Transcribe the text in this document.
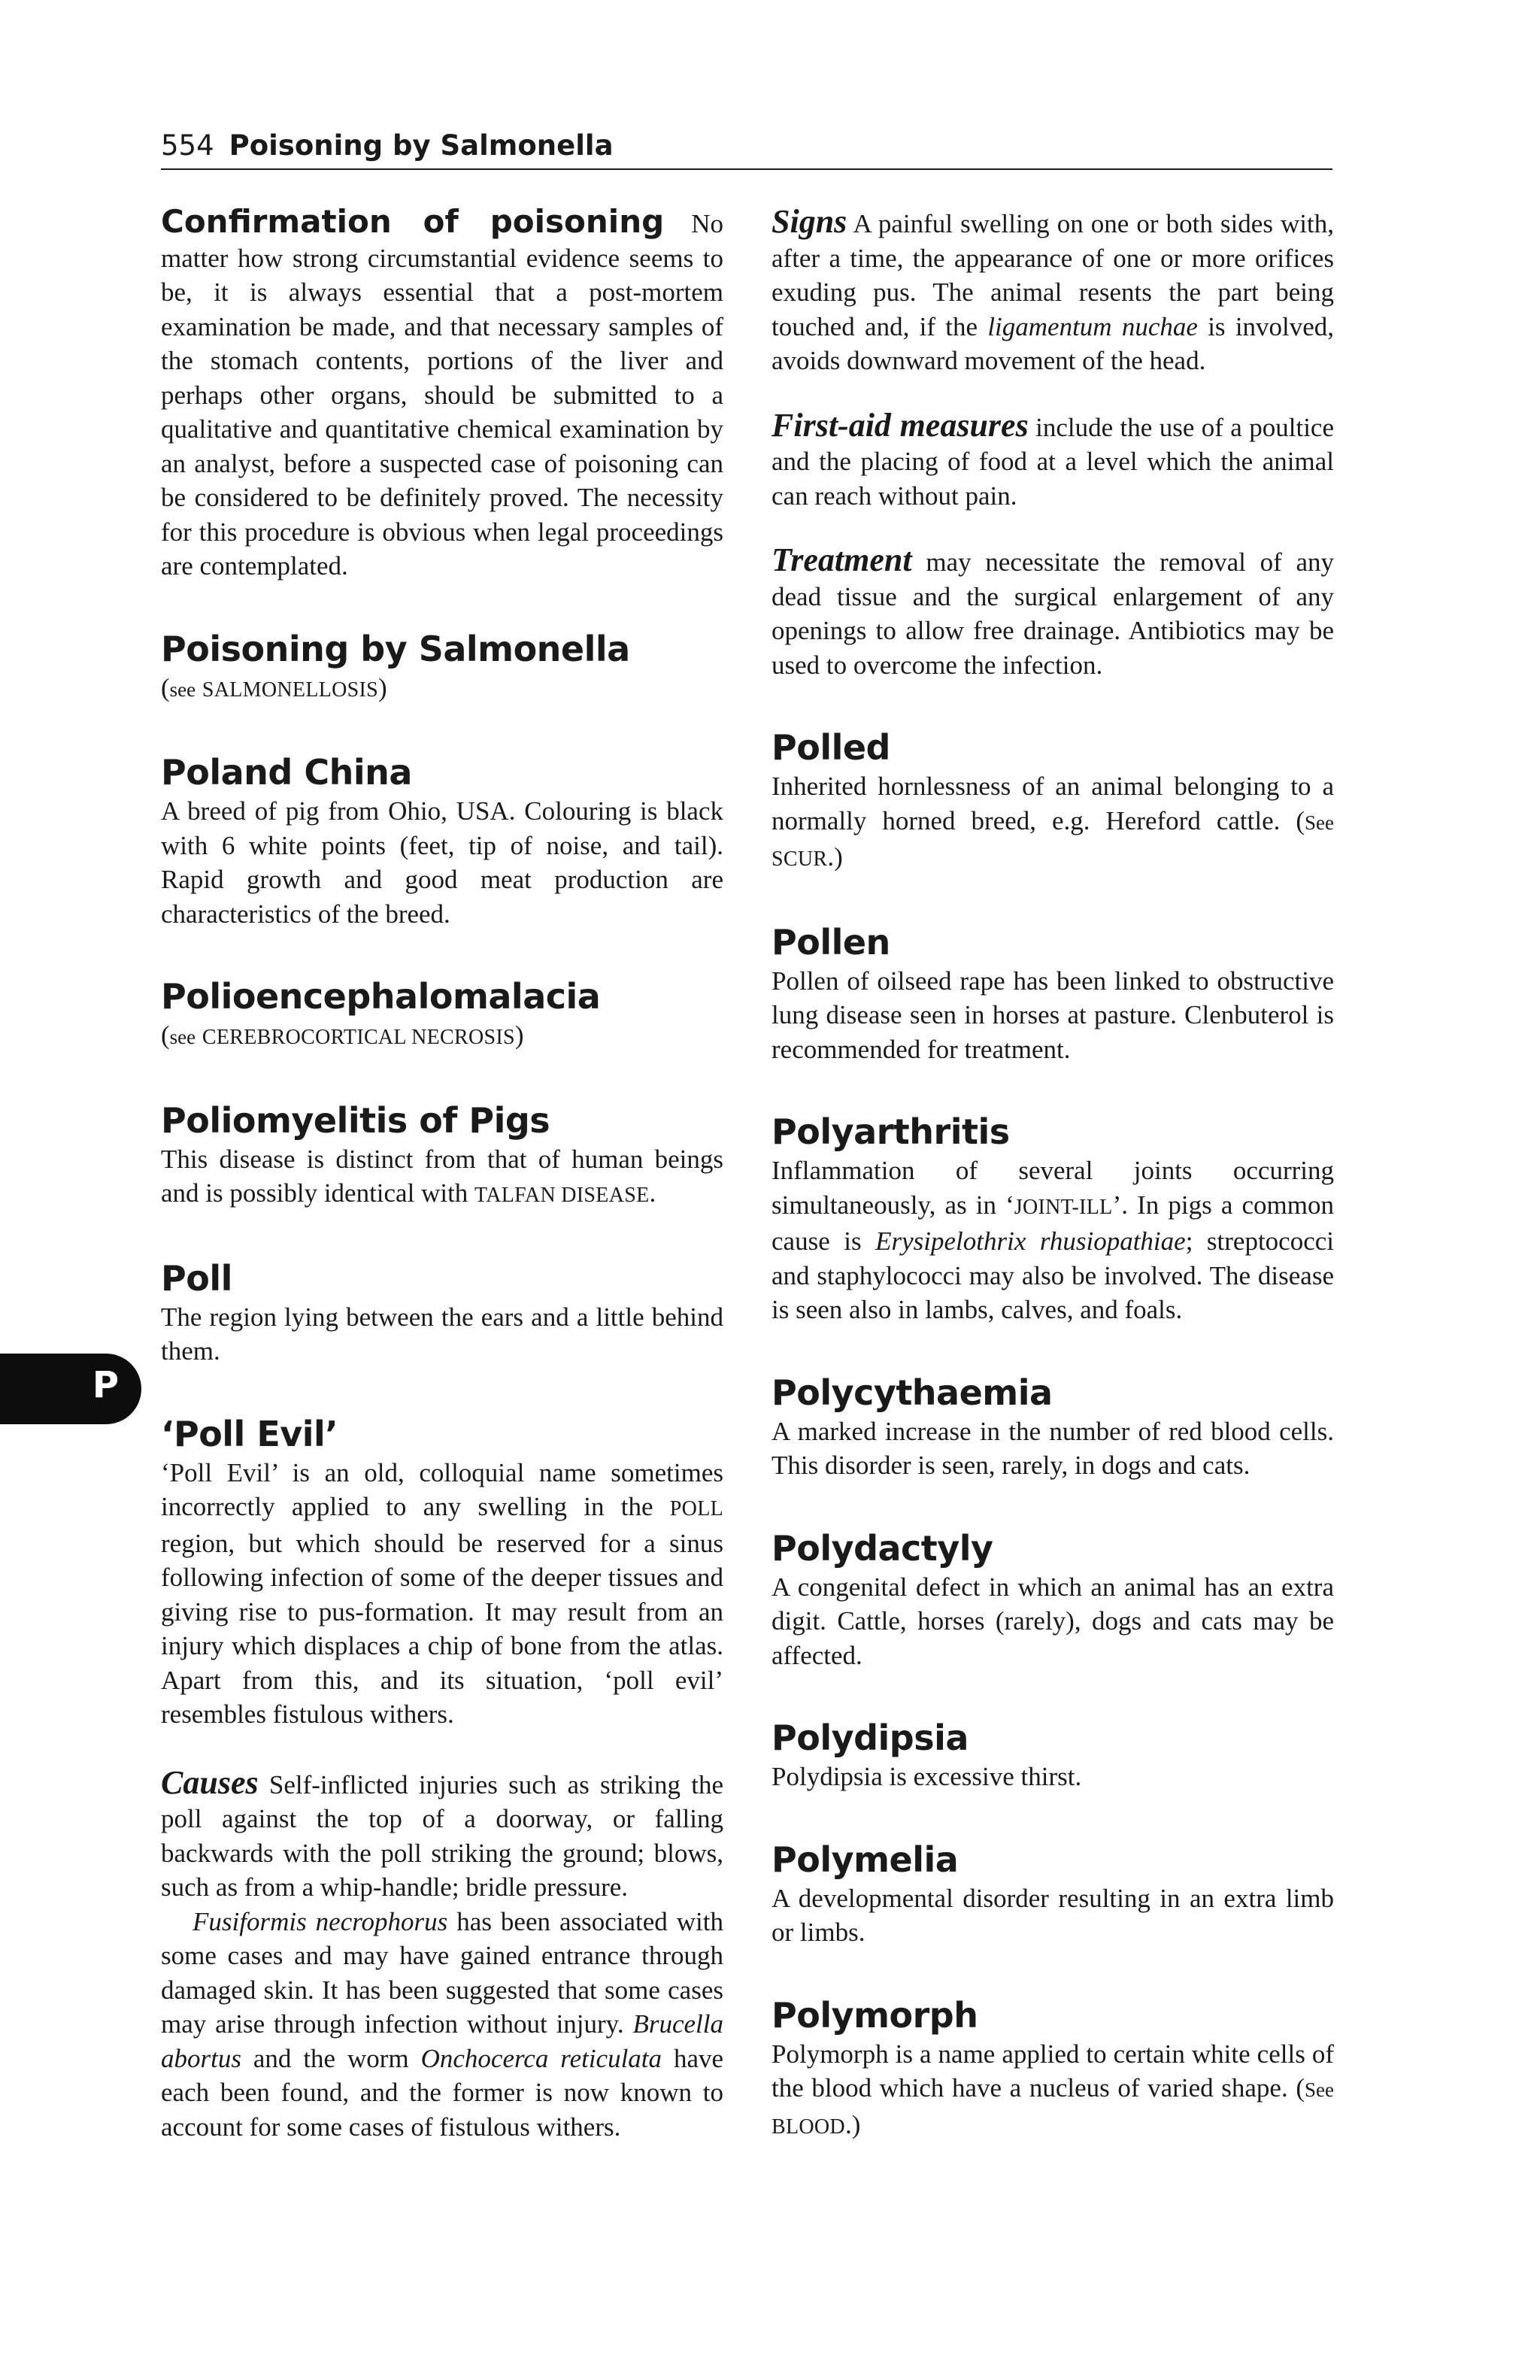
554 Poisoning by Salmonella
P
Confirmation of poisoning No matter how strong circumstantial evidence seems to be, it is always essential that a post-mortem examination be made, and that necessary samples of the stomach contents, portions of the liver and perhaps other organs, should be submitted to a qualitative and quantitative chemical examination by an analyst, before a suspected case of poisoning can be considered to be definitely proved. The necessity for this procedure is obvious when legal proceedings are contemplated.
Poisoning by Salmonella
(see SALMONELLOSIS)
Poland China
A breed of pig from Ohio, USA. Colouring is black with 6 white points (feet, tip of noise, and tail). Rapid growth and good meat production are characteristics of the breed.
Polioencephalomalacia
(see CEREBROCORTICAL NECROSIS)
Poliomyelitis of Pigs
This disease is distinct from that of human beings and is possibly identical with TALFAN DISEASE.
Poll
The region lying between the ears and a little behind them.
‘Poll Evil’

‘Poll Evil’ is an old, colloquial name sometimes incorrectly applied to any swelling in the POLL region, but which should be reserved for a sinus following infection of some of the deeper tissues and giving rise to pus-formation. It may result from an injury which displaces a chip of bone from the atlas. Apart from this, and its situation, ‘poll evil’ resembles fistulous withers.

Causes Self-inflicted injuries such as striking the poll against the top of a doorway, or falling backwards with the poll striking the ground; blows, such as from a whip-handle; bridle pressure.

Fusiformis necrophorus has been associated with some cases and may have gained entrance through damaged skin. It has been suggested that some cases may arise through infection without injury. Brucella abortus and the worm Onchocerca reticulata have each been found, and the former is now known to account for some cases of fistulous withers.

Signs A painful swelling on one or both sides with, after a time, the appearance of one or more orifices exuding pus. The animal resents the part being touched and, if the ligamentum nuchae is involved, avoids downward movement of the head.
First-aid measures include the use of a poultice and the placing of food at a level which the animal can reach without pain.
Treatment may necessitate the removal of any dead tissue and the surgical enlargement of any openings to allow free drainage. Antibiotics may be used to overcome the infection.
Polled
Inherited hornlessness of an animal belonging to a normally horned breed, e.g. Hereford cattle. (See SCUR.)
Pollen
Pollen of oilseed rape has been linked to obstructive lung disease seen in horses at pasture. Clenbuterol is recommended for treatment.
Polyarthritis
Inflammation of several joints occurring simultaneously, as in ‘JOINT-ILL’. In pigs a common cause is Erysipelothrix rhusiopathiae; streptococci and staphylococci may also be involved. The disease is seen also in lambs, calves, and foals.
Polycythaemia
A marked increase in the number of red blood cells. This disorder is seen, rarely, in dogs and cats.
Polydactyly
A congenital defect in which an animal has an extra digit. Cattle, horses (rarely), dogs and cats may be affected.
Polydipsia
Polydipsia is excessive thirst.
Polymelia
A developmental disorder resulting in an extra limb or limbs.
Polymorph
Polymorph is a name applied to certain white cells of the blood which have a nucleus of varied shape. (See BLOOD.)
